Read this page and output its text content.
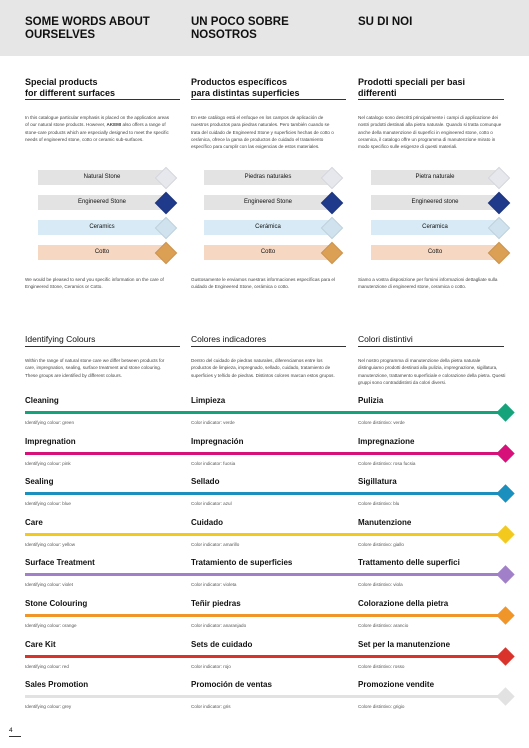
SOME WORDS ABOUT
OURSELVES
UN POCO SOBRE
NOSOTROS
SU DI NOI
Special products
for different surfaces
Productos específicos
para distintas superficies
Prodotti speciali per basi
differenti
In this catalogue particular emphasis is placed on the application areas of our natural stone products. However, AKEMI also offers a range of stone-care products which are especially designed to meet the specific needs of engineered stone, cotto or ceramic sub-surfaces.
En este catálogo está el enfoque en los campos de aplicación de nuestros productos para piedras naturales. Pero también cuando se trata del cuidado de Engineered Stone y superficies hechas de cotto o cerámica, ofrece la gama de productos de cuidado el tratamiento específico para cumplir con las exigencias de estos materiales.
Nel catalogo sono descritti principalmente i campi di applicazione dei nostri prodotti destinati alla pietra naturale. Quando si tratta comunque anche della manutenzione di superfici in engineered stone, cotto o ceramica, il catalogo offre un programma di manutenzione mirato in modo specifico sulle esigenze di questi materiali.
Natural Stone
Engineered Stone
Ceramics
Cotto
Piedras naturales
Engineered Stone
Cerámica
Cotto
Pietra naturale
Engineered stone
Ceramica
Cotto
We would be pleased to send you specific information on the care of Engineered Stone, Ceramics or Cotto.
Gustosamente le enviamos nuestras informaciones específicas para el cuidado de Engineered Stone, cerámica o cotto.
Siamo a vostra disposizione per fornirvi informazioni dettagliate sulla manutenzione di engineered stone, ceramica o cotto.
Identifying Colours	Colores indicadores	Colori distintivi
Within the range of natural stone care we differ between products for care, impregnation, sealing, surface treatment and stone colouring. These groups are identified by different colours.
Dentro del cuidado de piedras naturales, diferenciamos entre los productos de limpieza, impregnado, sellado, cuidado, tratamiento de superficies y teñido de piedras. Distintos colores marcan estos grupos.
Nel nostro programma di manutenzione della pietra naturale distinguiamo prodotti destinati alla pulizia, impregnazione, sigillatura, manutenzione, trattamento superficiale e colorazione della pietra. Questi gruppi sono contraddistinti da colori diversi.
Cleaning
Identifying colour: green
Limpieza
Color indicator: verde
Pulizia
Colore distintivo: verde
Impregnation
Identifying colour: pink
Impregnación
Color indicator: fucsia
Impregnazione
Colore distintivo: rosa fucsia
Sealing
Identifying colour: blue
Sellado
Color indicator: azul
Sigillatura
Colore distintivo: blu
Care
Identifying colour: yellow
Cuidado
Color indicator: amarillo
Manutenzione
Colore distintivo: giallo
Surface Treatment
Identifying colour: violet
Tratamiento de superficies
Color indicator: violeta
Trattamento delle superfici
Colore distintivo: viola
Stone Colouring
Identifying colour: orange
Teñir piedras
Color indicator: anaranjado
Colorazione della pietra
Colore distintivo: arancio
Care Kit
Identifying colour: red
Sets de cuidado
Color indicator: rojo
Set per la manutenzione
Colore distintivo: rosso
Sales Promotion
Identifying colour: grey
Promoción de ventas
Color indicator: gris
Promozione vendite
Colore distintivo: grigio
4
